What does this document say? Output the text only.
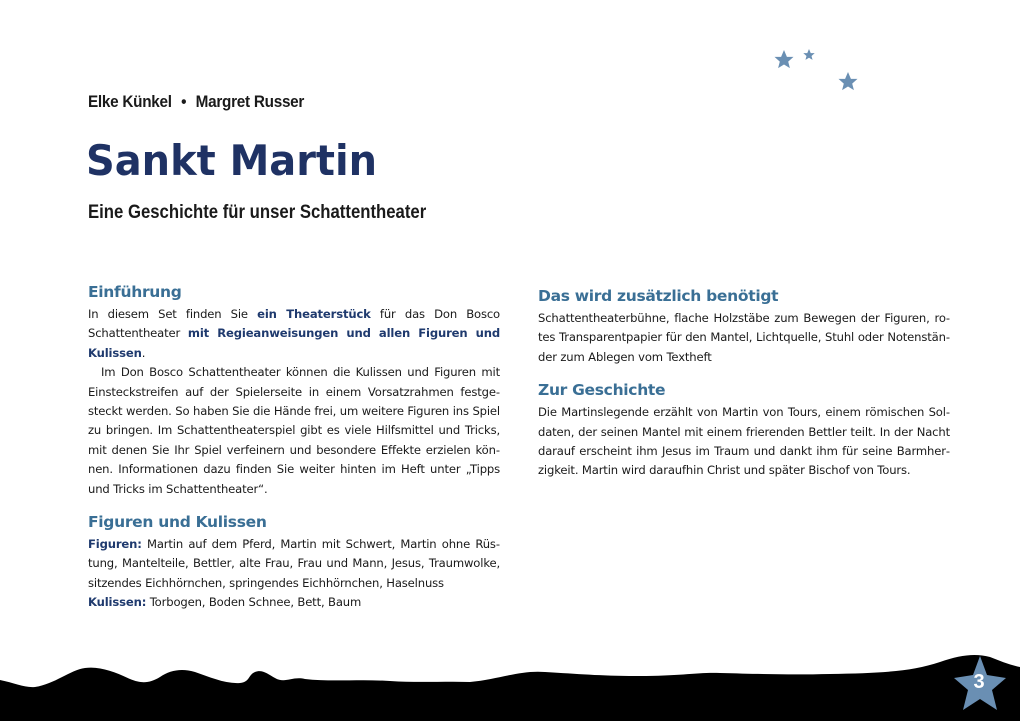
Elke Künkel • Margret Russer
Sankt Martin
Eine Geschichte für unser Schattentheater
Einführung

In diesem Set finden Sie ein Theaterstück für das Don Bosco Schattentheater mit Regieanweisungen und allen Figuren und Kulissen.

Im Don Bosco Schattentheater können die Kulissen und Figuren mit Einsteckstreifen auf der Spielerseite in einem Vorsatzrahmen festgesteckt werden. So haben Sie die Hände frei, um weitere Figuren ins Spiel zu bringen. Im Schattentheaterspiel gibt es viele Hilfsmittel und Tricks, mit denen Sie Ihr Spiel verfeinern und besondere Effekte erzielen können. Informationen dazu finden Sie weiter hinten im Heft unter „Tipps und Tricks im Schattentheater“.

Figuren und Kulissen

Figuren: Martin auf dem Pferd, Martin mit Schwert, Martin ohne Rüstung, Mantelteile, Bettler, alte Frau, Frau und Mann, Jesus, Traumwolke, sitzendes Eichhörnchen, springendes Eichhörnchen, Haselnuss

Kulissen: Torbogen, Boden Schnee, Bett, Baum

Das wird zusätzlich benötigt

Schattentheaterbühne, flache Holzstäbe zum Bewegen der Figuren, rotes Transparentpapier für den Mantel, Lichtquelle, Stuhl oder Notenständer zum Ablegen vom Textheft

Zur Geschichte

Die Martinslegende erzählt von Martin von Tours, einem römischen Soldaten, der seinen Mantel mit einem frierenden Bettler teilt. In der Nacht darauf erscheint ihm Jesus im Traum und dankt ihm für seine Barmherzigkeit. Martin wird daraufhin Christ und später Bischof von Tours.

3
